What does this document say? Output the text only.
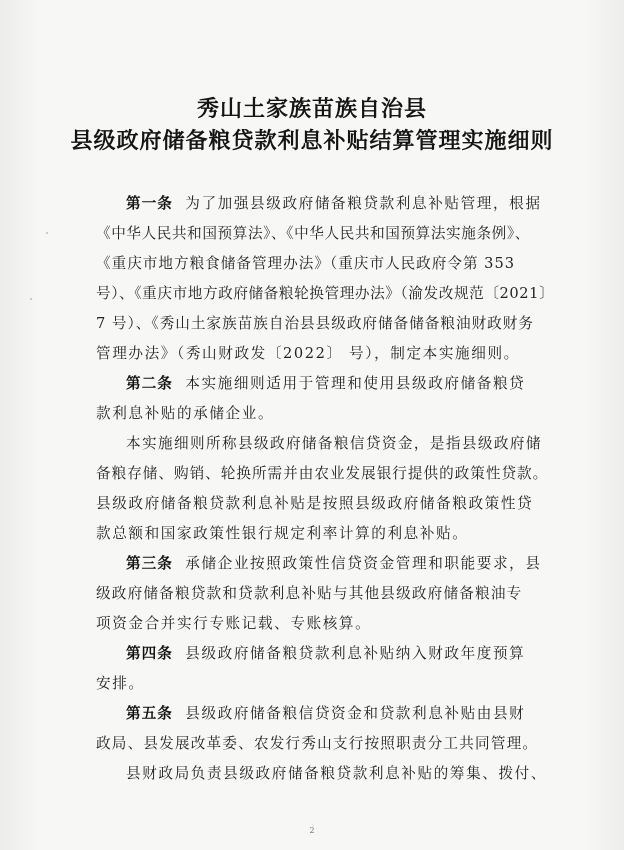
秀山土家族苗族自治县
县级政府储备粮贷款利息补贴结算管理实施细则
第一条 为了加强县级政府储备粮贷款利息补贴管理，根据
《中华人民共和国预算法》、《中华人民共和国预算法实施条例》、
《重庆市地方粮食储备管理办法》（重庆市人民政府令第 353
号）、《重庆市地方政府储备粮轮换管理办法》（渝发改规范〔2021〕
7 号）、《秀山土家族苗族自治县县级政府储备储备粮油财政财务
管理办法》（秀山财政发〔2022〕 号），制定本实施细则。
第二条 本实施细则适用于管理和使用县级政府储备粮贷
款利息补贴的承储企业。
本实施细则所称县级政府储备粮信贷资金，是指县级政府储
备粮存储、购销、轮换所需并由农业发展银行提供的政策性贷款。
县级政府储备粮贷款利息补贴是按照县级政府储备粮政策性贷
款总额和国家政策性银行规定利率计算的利息补贴。
第三条 承储企业按照政策性信贷资金管理和职能要求，县
级政府储备粮贷款和贷款利息补贴与其他县级政府储备粮油专
项资金合并实行专账记载、专账核算。
第四条 县级政府储备粮贷款利息补贴纳入财政年度预算
安排。
第五条 县级政府储备粮信贷资金和贷款利息补贴由县财
政局、县发展改革委、农发行秀山支行按照职责分工共同管理。
县财政局负责县级政府储备粮贷款利息补贴的筹集、拨付、
2
